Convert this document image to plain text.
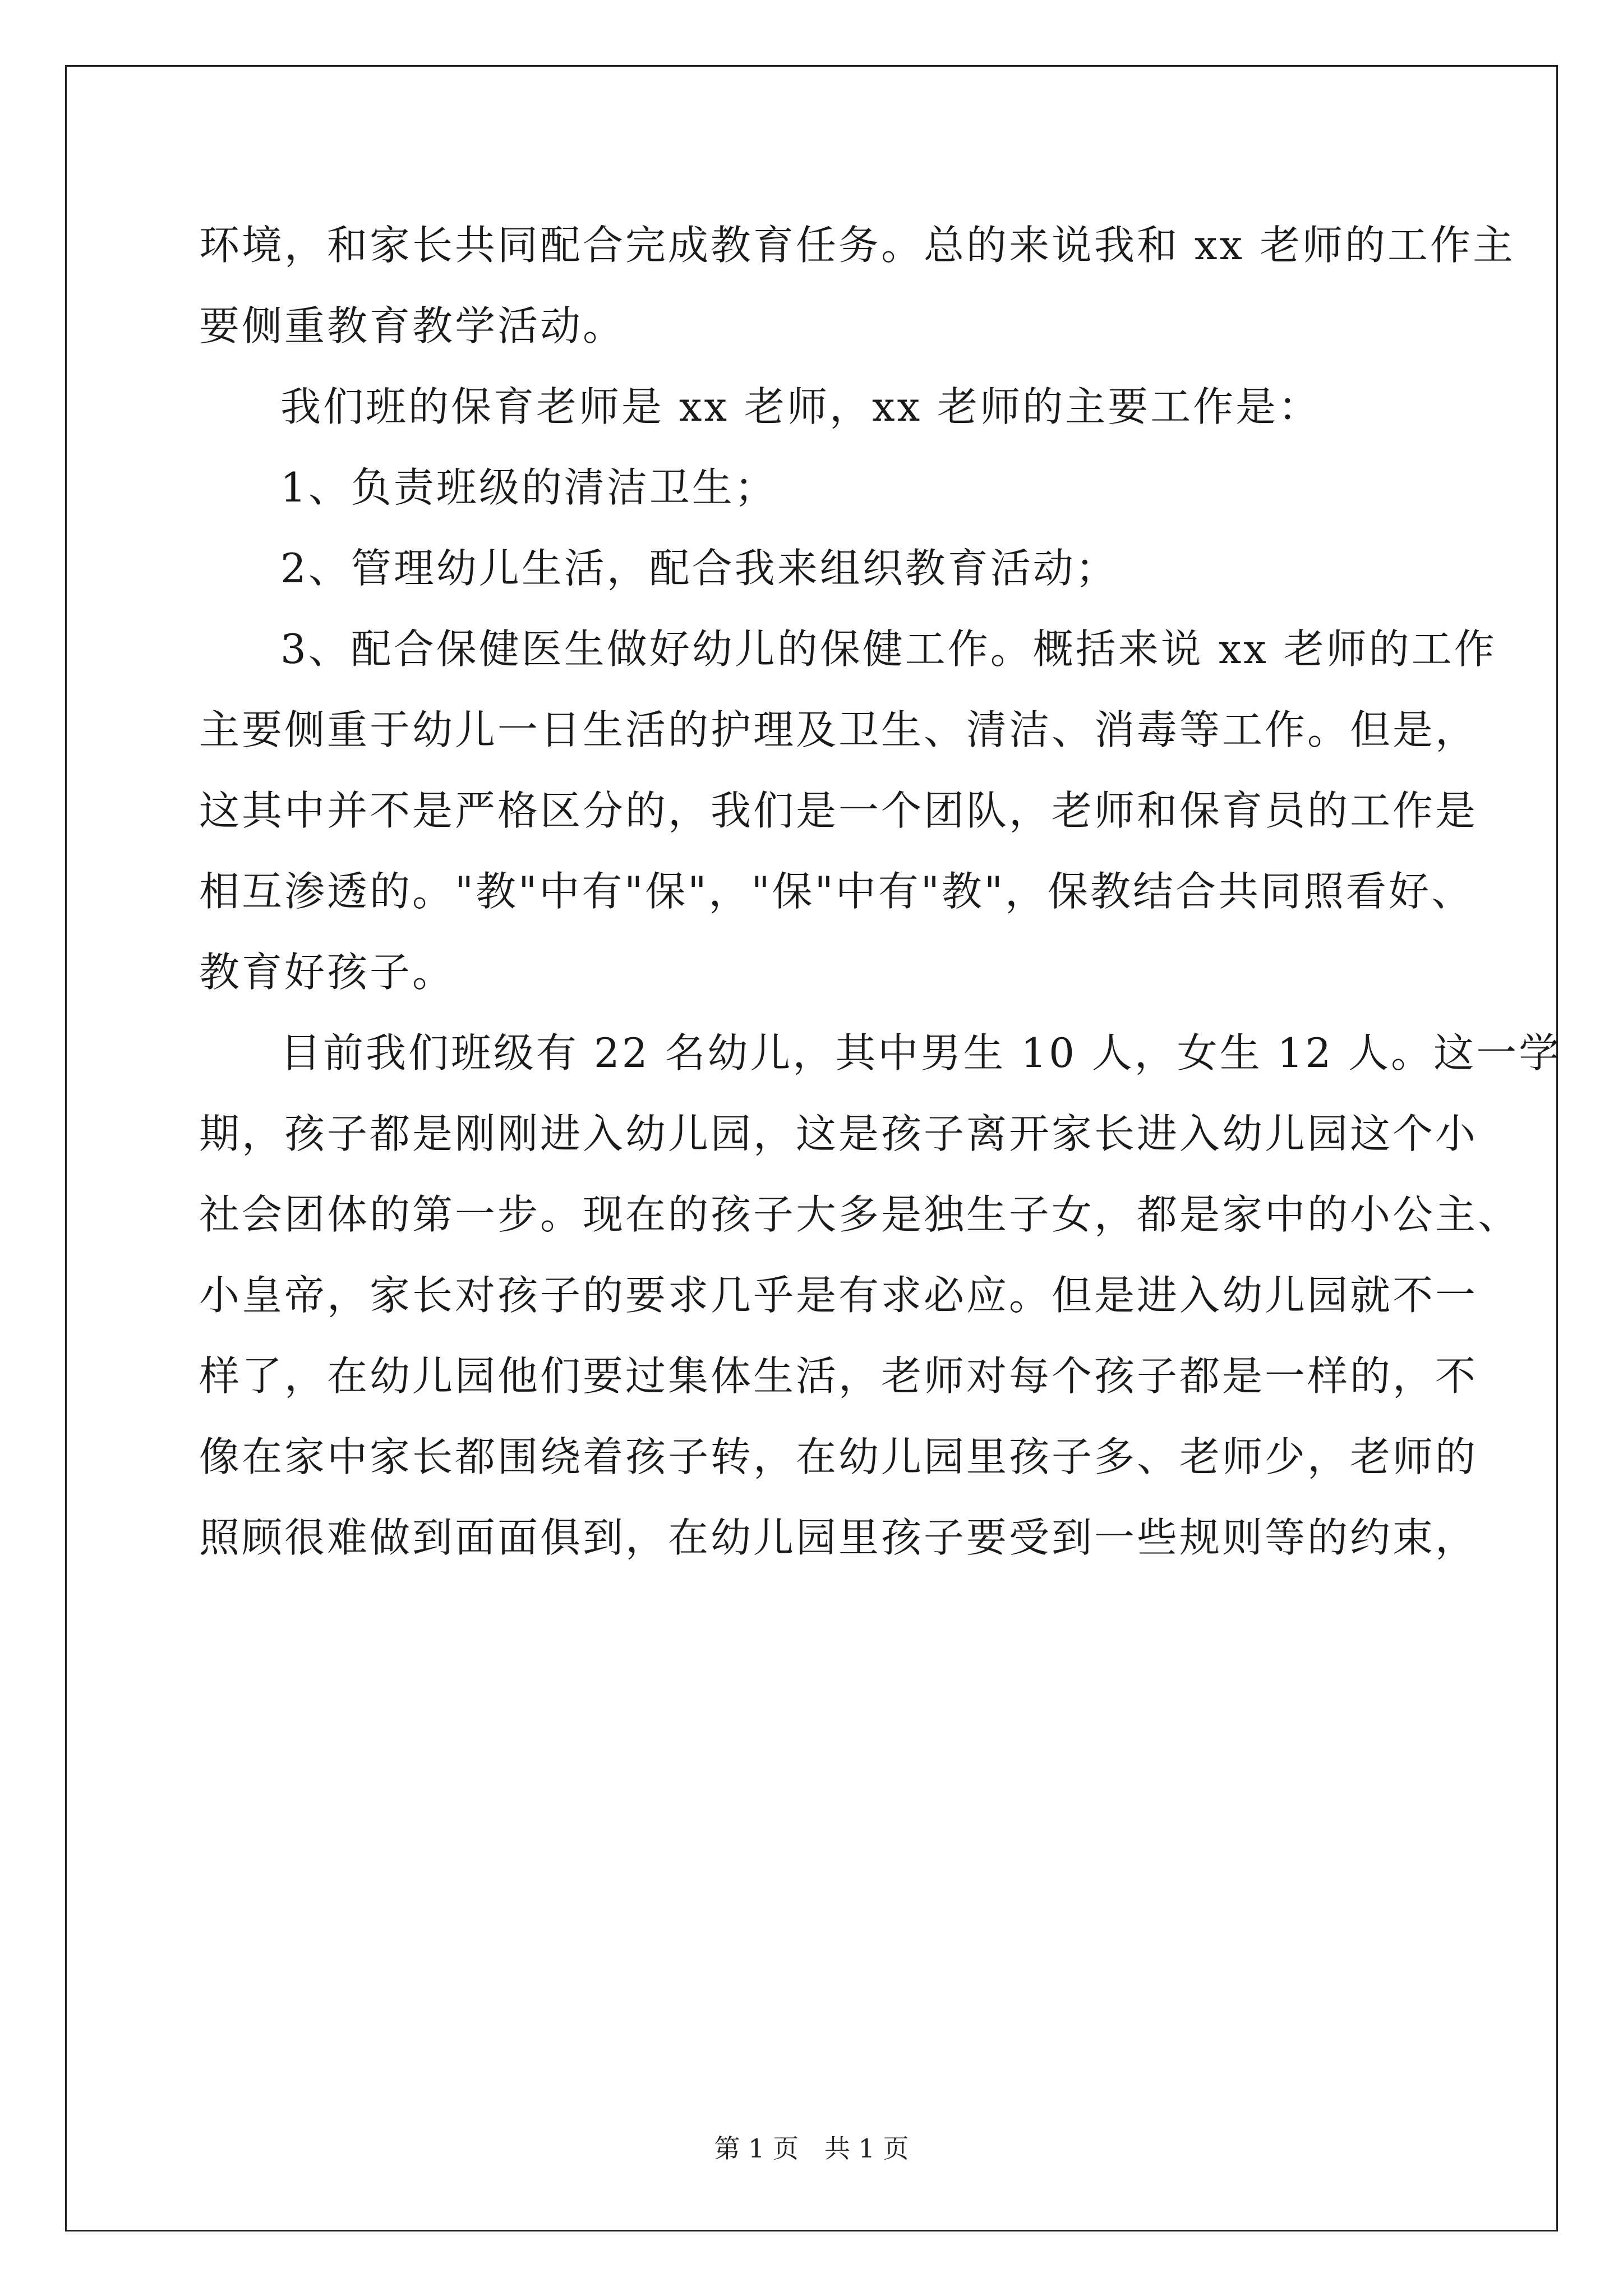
环境，和家长共同配合完成教育任务。总的来说我和 xx 老师的工作主
要侧重教育教学活动。
我们班的保育老师是 xx 老师，xx 老师的主要工作是：
1、负责班级的清洁卫生；
2、管理幼儿生活，配合我来组织教育活动；
3、配合保健医生做好幼儿的保健工作。概括来说 xx 老师的工作
主要侧重于幼儿一日生活的护理及卫生、清洁、消毒等工作。但是，
这其中并不是严格区分的，我们是一个团队，老师和保育员的工作是
相互渗透的。"教"中有"保"，"保"中有"教"，保教结合共同照看好、
教育好孩子。
目前我们班级有 22 名幼儿，其中男生 10 人，女生 12 人。这一学
期，孩子都是刚刚进入幼儿园，这是孩子离开家长进入幼儿园这个小
社会团体的第一步。现在的孩子大多是独生子女，都是家中的小公主、
小皇帝，家长对孩子的要求几乎是有求必应。但是进入幼儿园就不一
样了，在幼儿园他们要过集体生活，老师对每个孩子都是一样的，不
像在家中家长都围绕着孩子转，在幼儿园里孩子多、老师少，老师的
照顾很难做到面面俱到，在幼儿园里孩子要受到一些规则等的约束，
第 1 页　共 1 页
